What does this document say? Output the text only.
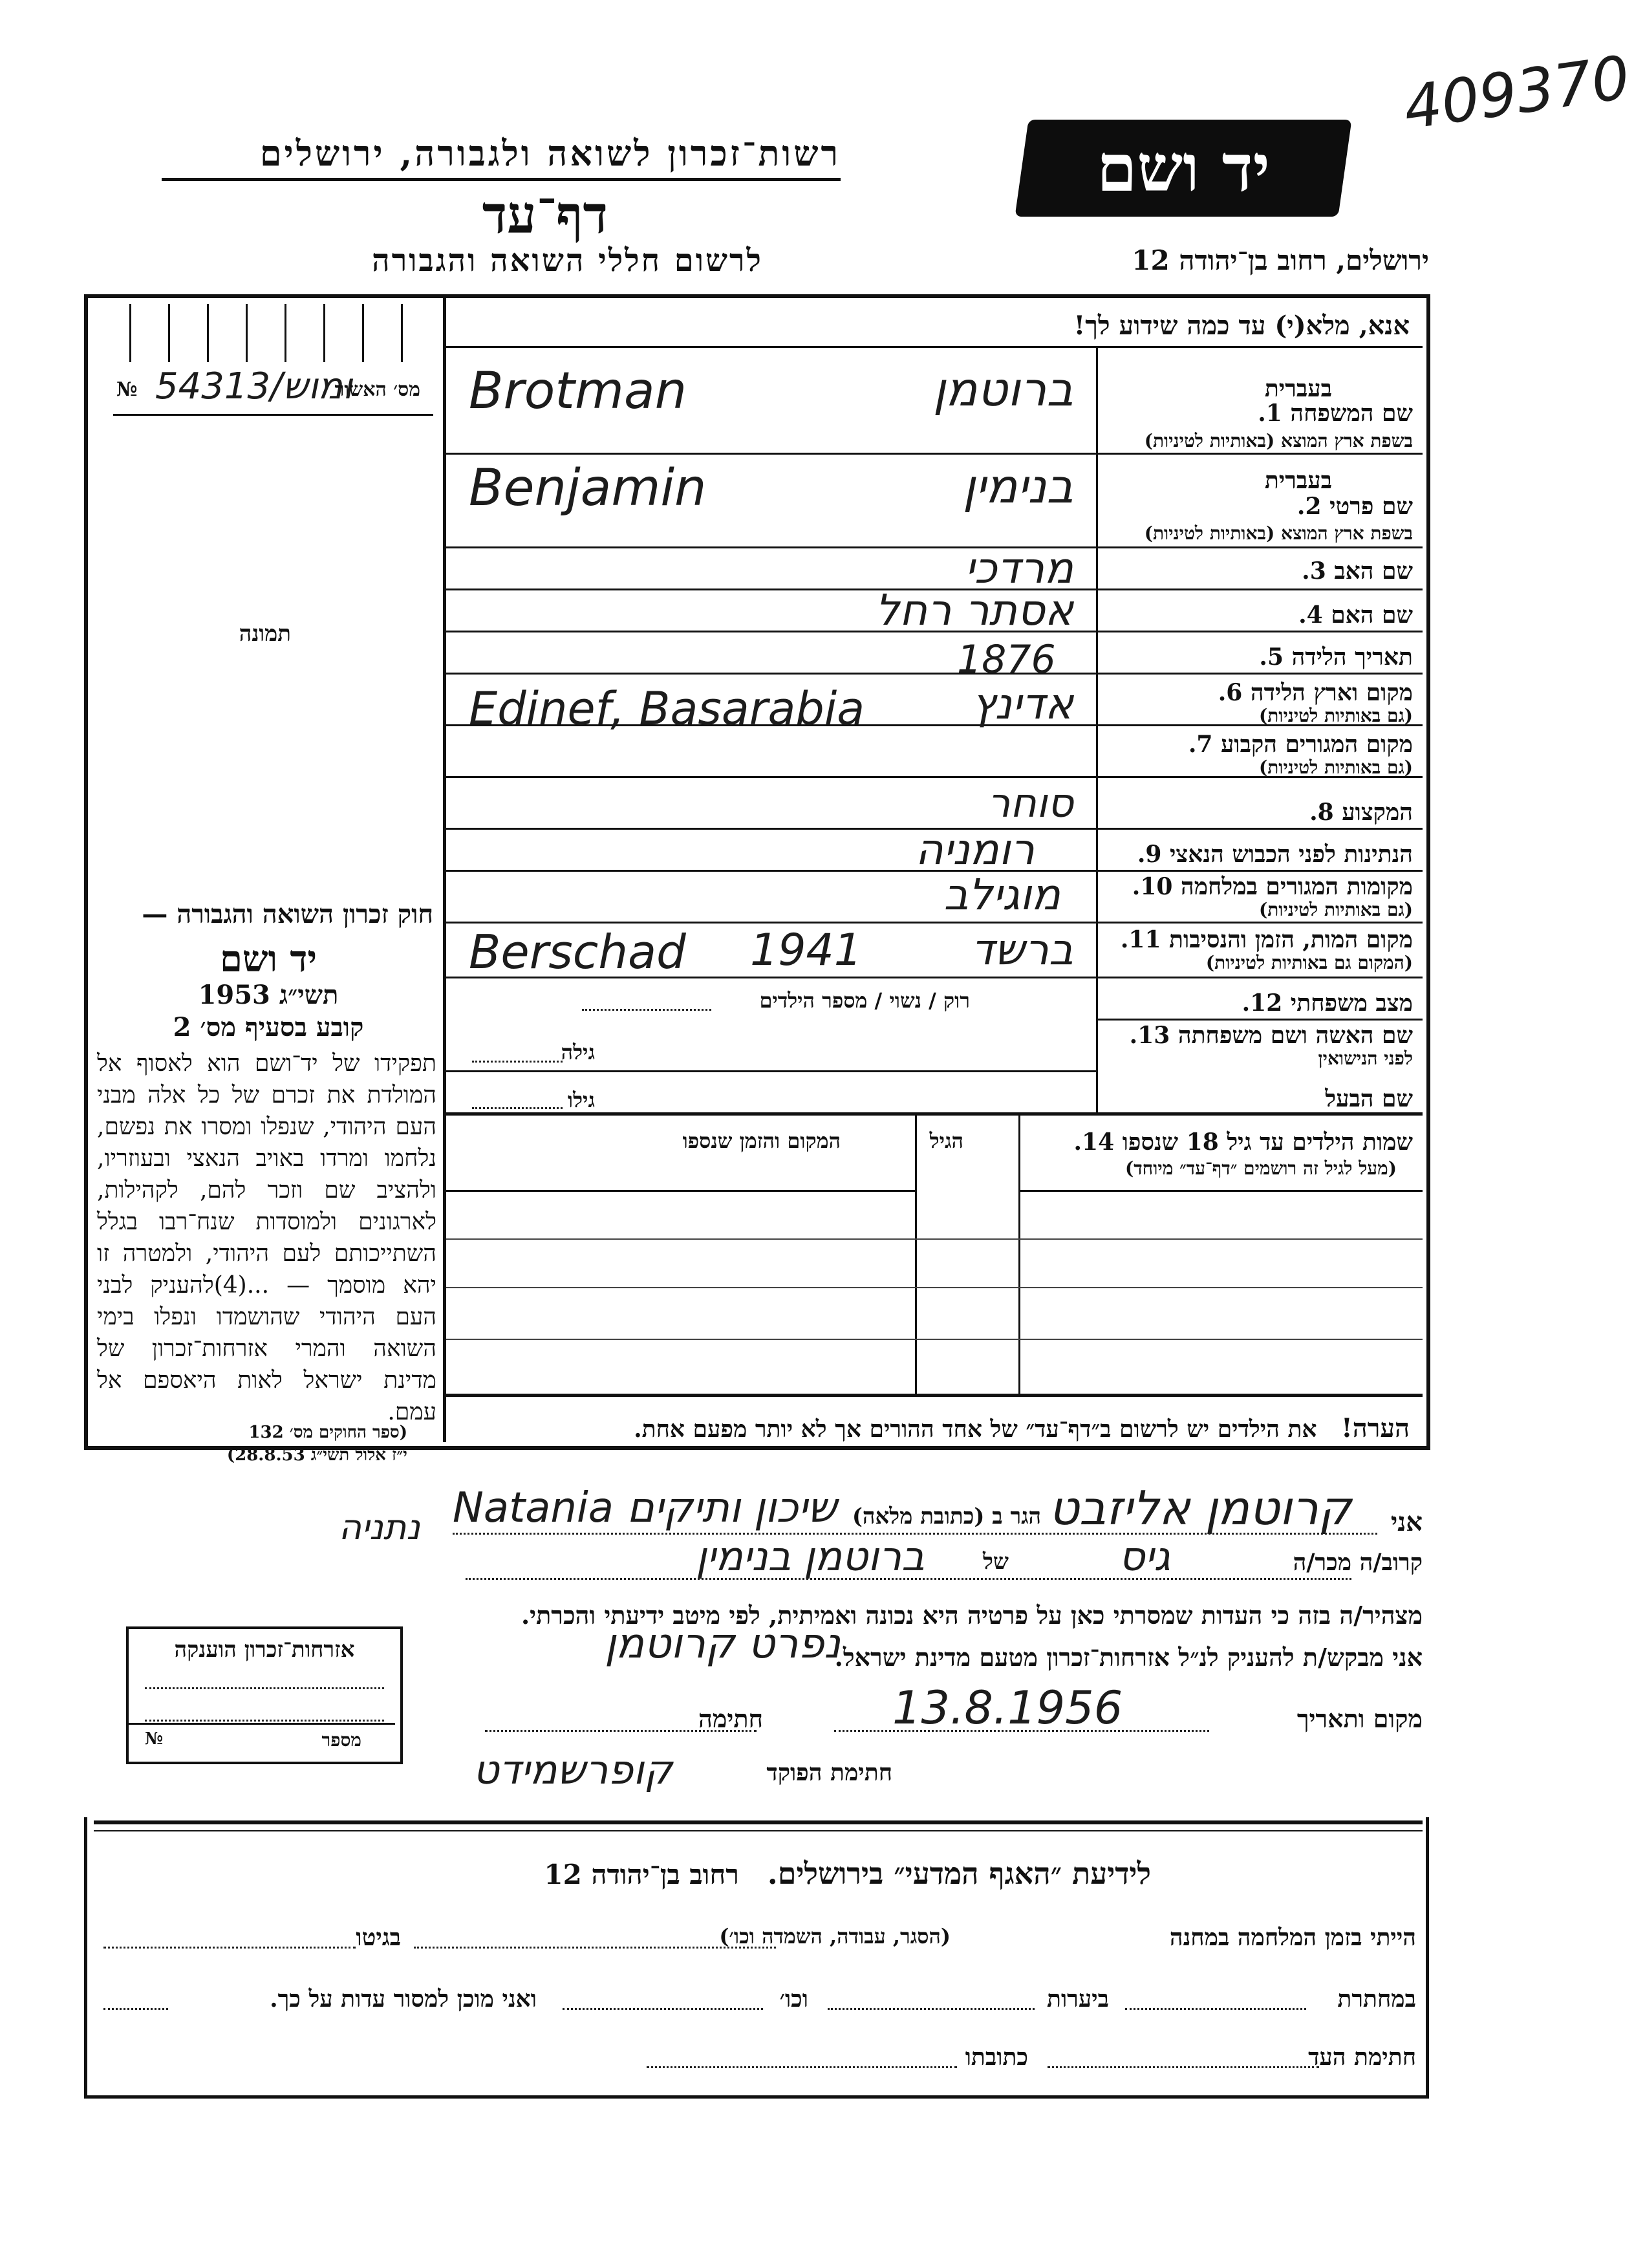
409370
רשות־זכרון לשואה ולגבורה, ירושלים
דף־עד
לרשום חללי השואה והגבורה
יד ושם
ירושלים, רחוב בן־יהודה 12
№ 54313/ומוש
מס׳ האשור
תמונה
חוק זכרון השואה והגבורה —
יד ושם
תשי״ג 1953
קובע בסעיף מס׳ 2
תפקידו של יד־ושם הוא לאסוף אל המולדת את זכרם של כל אלה מבני העם היהודי, שנפלו ומסרו את נפשם, נלחמו ומרדו באויב הנאצי ובעוזריו, ולהציב שם וזכר להם, לקהילות, לארגונים ולמוסדות שנח־רבו בגלל השתייכותם לעם היהודי, ולמטרה זו יהא מוסמך — ...(4)להעניק לבני העם היהודי שהושמדו ונפלו בימי השואה והמרי אזרחות־זכרון של מדינת ישראל לאות היאספם אל עמם.
(ספר החוקים מס׳ 132
י״ז אלול תשי״ג 28.8.53)
אנא, מלא(י) עד כמה שידוע לך!
שם המשפחה 1.
בשפת ארץ המוצא (באותיות לטיניות)
בעברית
Brotman	ברוטמן
שם פרטי 2.
בשפת ארץ המוצא (באותיות לטיניות)
בעברית
Benjamin	בנימין
שם האב 3.
מרדכי
שם האם 4.
אסתר רחל
תאריך הלידה 5.
1876
מקום וארץ הלידה 6.
(גם באותיות לטיניות)
Edinef, Basarabia	אדינץ
מקום המגורים הקבוע 7.
(גם באותיות לטיניות)
המקצוע 8.
סוחר
הנתינות לפני הכבוש הנאצי 9.
רומניה
מקומות המגורים במלחמה 10.
(גם באותיות לטיניות)
מוגילב
מקום המות, הזמן והנסיבות 11.
(המקום גם באותיות לטיניות)
Berschad 1941	ברשד
מצב משפחתי 12.
רוק / נשוי / מספר הילדים
שם האשה ושם משפחתה 13.
לפני הנישואין
גילה
שם הבעל
גילו
שמות הילדים עד גיל 18 שנספו 14.
(מעל לגיל זה רושמים ״דף־עד״ מיוחד)
הגיל
המקום והזמן שנספו
הערה!   את הילדים יש לרשום ב״דף־עד״ של אחד ההורים אך לא יותר מפעם אחת.
אני
קרוטמן אליזבט
הגר ב (כתובת מלאה)
Natania שיכון ותיקים
נתניה
קרוב/ה מכר/ה
גיס
של
ברוטמן בנימין
מצהיר/ה בזה כי העדות שמסרתי כאן על פרטיה היא נכונה ואמיתית, לפי מיטב ידיעתי והכרתי.
אני מבקש/ת להעניק לנ״ל אזרחות־זכרון מטעם מדינת ישראל.
נפרט קרוטמן
מקום ותאריך
13.8.1956
חתימה
חתימת הפוקד
קופרשמידט
אזרחות־זכרון הוענקה
№	מספר
לידיעת ״האגף המדעי״ בירושלים.   רחוב בן־יהודה 12
הייתי בזמן המלחמה במחנה
(הסגר, עבודה, השמדה וכו׳)
בגיטו
במחתרת
ביערות
וכו׳
ואני מוכן למסור עדות על כך.
חתימת העד
כתובתו
